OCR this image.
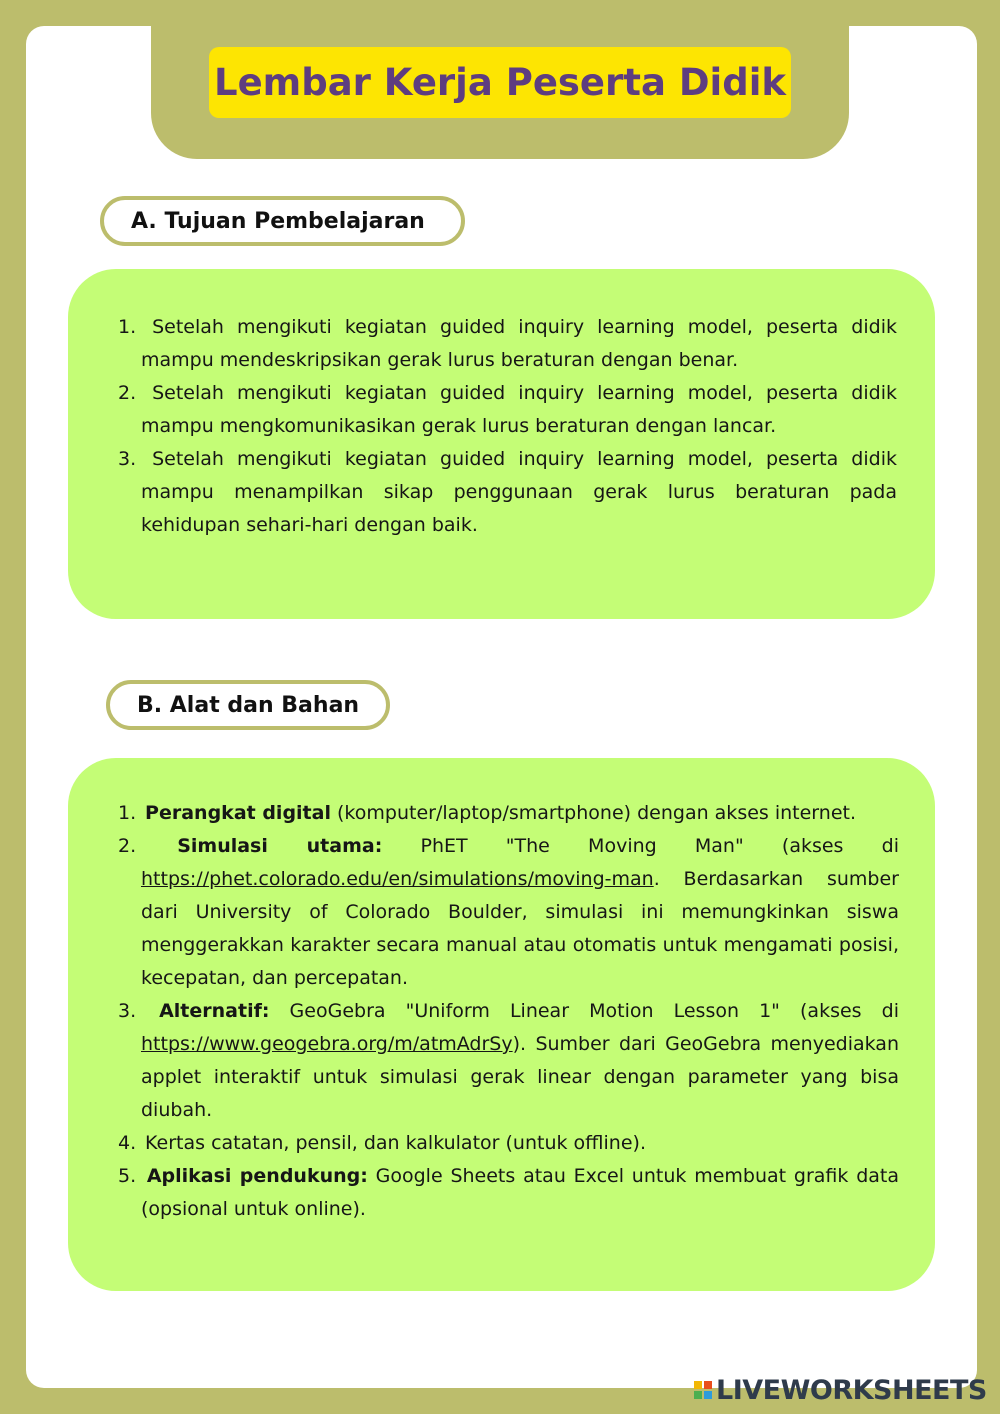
Lembar Kerja Peserta Didik
A. Tujuan Pembelajaran
1. Setelah mengikuti kegiatan guided inquiry learning model, peserta didik mampu mendeskripsikan gerak lurus beraturan dengan benar.
2. Setelah mengikuti kegiatan guided inquiry learning model, peserta didik mampu mengkomunikasikan gerak lurus beraturan dengan lancar.
3. Setelah mengikuti kegiatan guided inquiry learning model, peserta didik mampu menampilkan sikap penggunaan gerak lurus beraturan pada kehidupan sehari-hari dengan baik.
B. Alat dan Bahan
1. Perangkat digital (komputer/laptop/smartphone) dengan akses internet.
2. Simulasi utama: PhET "The Moving Man" (akses di https://phet.colorado.edu/en/simulations/moving-man. Berdasarkan sumber dari University of Colorado Boulder, simulasi ini memungkinkan siswa menggerakkan karakter secara manual atau otomatis untuk mengamati posisi, kecepatan, dan percepatan.
3. Alternatif: GeoGebra "Uniform Linear Motion Lesson 1" (akses di https://www.geogebra.org/m/atmAdrSy). Sumber dari GeoGebra menyediakan applet interaktif untuk simulasi gerak linear dengan parameter yang bisa diubah.
4. Kertas catatan, pensil, dan kalkulator (untuk offline).
5. Aplikasi pendukung: Google Sheets atau Excel untuk membuat grafik data (opsional untuk online).
LIVEWORKSHEETS
